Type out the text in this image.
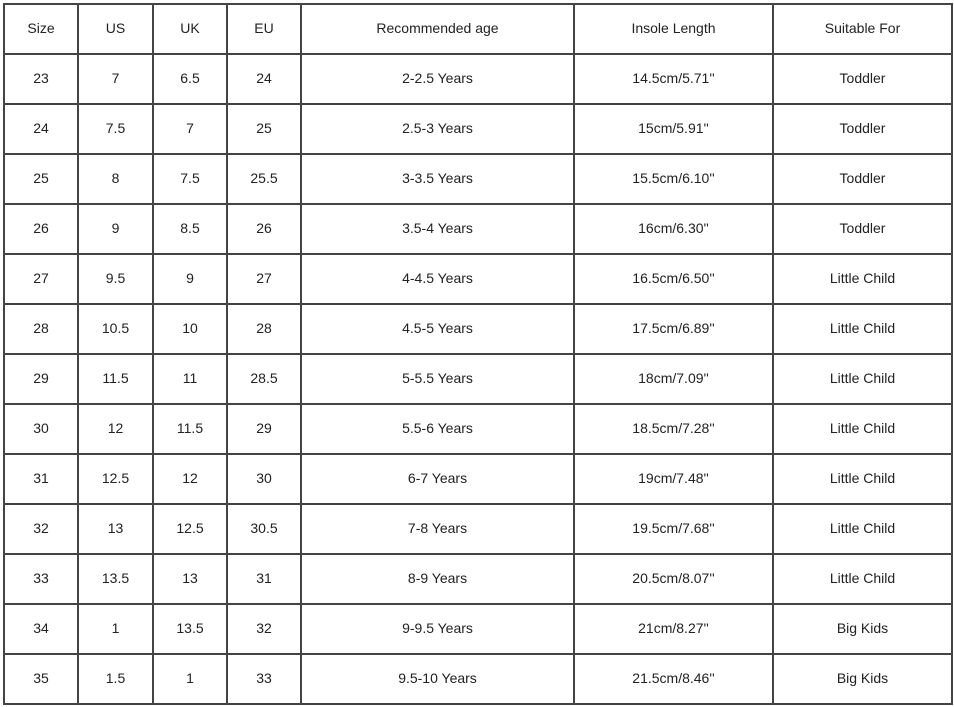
Size	US	UK	EU	Recommended age	Insole Length	Suitable For
23	7	6.5	24	2-2.5 Years	14.5cm/5.71''	Toddler
24	7.5	7	25	2.5-3 Years	15cm/5.91''	Toddler
25	8	7.5	25.5	3-3.5 Years	15.5cm/6.10''	Toddler
26	9	8.5	26	3.5-4 Years	16cm/6.30''	Toddler
27	9.5	9	27	4-4.5 Years	16.5cm/6.50''	Little Child
28	10.5	10	28	4.5-5 Years	17.5cm/6.89''	Little Child
29	11.5	11	28.5	5-5.5 Years	18cm/7.09''	Little Child
30	12	11.5	29	5.5-6 Years	18.5cm/7.28''	Little Child
31	12.5	12	30	6-7 Years	19cm/7.48''	Little Child
32	13	12.5	30.5	7-8 Years	19.5cm/7.68''	Little Child
33	13.5	13	31	8-9 Years	20.5cm/8.07''	Little Child
34	1	13.5	32	9-9.5 Years	21cm/8.27''	Big Kids
35	1.5	1	33	9.5-10 Years	21.5cm/8.46''	Big Kids
